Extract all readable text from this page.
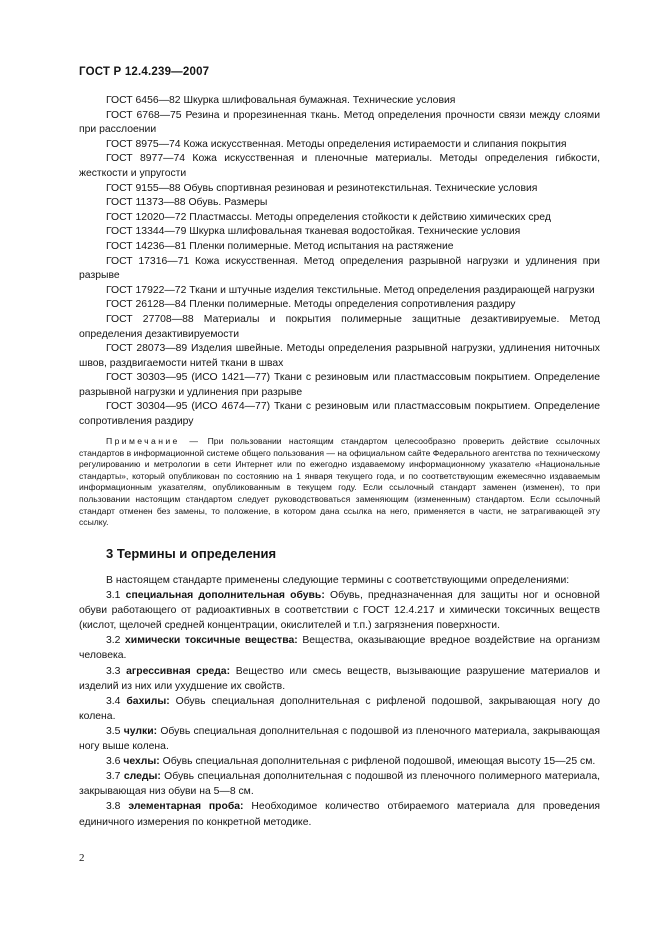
ГОСТ Р 12.4.239—2007

ГОСТ 6456—82 Шкурка шлифовальная бумажная. Технические условия

ГОСТ 6768—75 Резина и прорезиненная ткань. Метод определения прочности связи между слоями при расслоении

ГОСТ 8975—74 Кожа искусственная. Методы определения истираемости и слипания покрытия

ГОСТ 8977—74 Кожа искусственная и пленочные материалы. Методы определения гибкости, жесткости и упругости

ГОСТ 9155—88 Обувь спортивная резиновая и резинотекстильная. Технические условия

ГОСТ 11373—88 Обувь. Размеры

ГОСТ 12020—72 Пластмассы. Методы определения стойкости к действию химических сред

ГОСТ 13344—79 Шкурка шлифовальная тканевая водостойкая. Технические условия

ГОСТ 14236—81 Пленки полимерные. Метод испытания на растяжение

ГОСТ 17316—71 Кожа искусственная. Метод определения разрывной нагрузки и удлинения при разрыве

ГОСТ 17922—72 Ткани и штучные изделия текстильные. Метод определения раздирающей нагрузки

ГОСТ 26128—84 Пленки полимерные. Методы определения сопротивления раздиру

ГОСТ 27708—88 Материалы и покрытия полимерные защитные дезактивируемые. Метод определения дезактивируемости

ГОСТ 28073—89 Изделия швейные. Методы определения разрывной нагрузки, удлинения ниточных швов, раздвигаемости нитей ткани в швах

ГОСТ 30303—95 (ИСО 1421—77) Ткани с резиновым или пластмассовым покрытием. Определение разрывной нагрузки и удлинения при разрыве

ГОСТ 30304—95 (ИСО 4674—77) Ткани с резиновым или пластмассовым покрытием. Определение сопротивления раздиру

Примечание — При пользовании настоящим стандартом целесообразно проверить действие ссылочных стандартов в информационной системе общего пользования — на официальном сайте Федерального агентства по техническому регулированию и метрологии в сети Интернет или по ежегодно издаваемому информационному указателю «Национальные стандарты», который опубликован по состоянию на 1 января текущего года, и по соответствующим ежемесячно издаваемым информационным указателям, опубликованным в текущем году. Если ссылочный стандарт заменен (изменен), то при пользовании настоящим стандартом следует руководствоваться заменяющим (измененным) стандартом. Если ссылочный стандарт отменен без замены, то положение, в котором дана ссылка на него, применяется в части, не затрагивающей эту ссылку.

3 Термины и определения

В настоящем стандарте применены следующие термины с соответствующими определениями:

3.1 специальная дополнительная обувь: Обувь, предназначенная для защиты ног и основной обуви работающего от радиоактивных в соответствии с ГОСТ 12.4.217 и химически токсичных веществ (кислот, щелочей средней концентрации, окислителей и т.п.) загрязнения поверхности.

3.2 химически токсичные вещества: Вещества, оказывающие вредное воздействие на организм человека.

3.3 агрессивная среда: Вещество или смесь веществ, вызывающие разрушение материалов и изделий из них или ухудшение их свойств.

3.4 бахилы: Обувь специальная дополнительная с рифленой подошвой, закрывающая ногу до колена.

3.5 чулки: Обувь специальная дополнительная с подошвой из пленочного материала, закрывающая ногу выше колена.

3.6 чехлы: Обувь специальная дополнительная с рифленой подошвой, имеющая высоту 15—25 см.

3.7 следы: Обувь специальная дополнительная с подошвой из пленочного полимерного материала, закрывающая низ обуви на 5—8 см.

3.8 элементарная проба: Необходимое количество отбираемого материала для проведения единичного измерения по конкретной методике.

2
